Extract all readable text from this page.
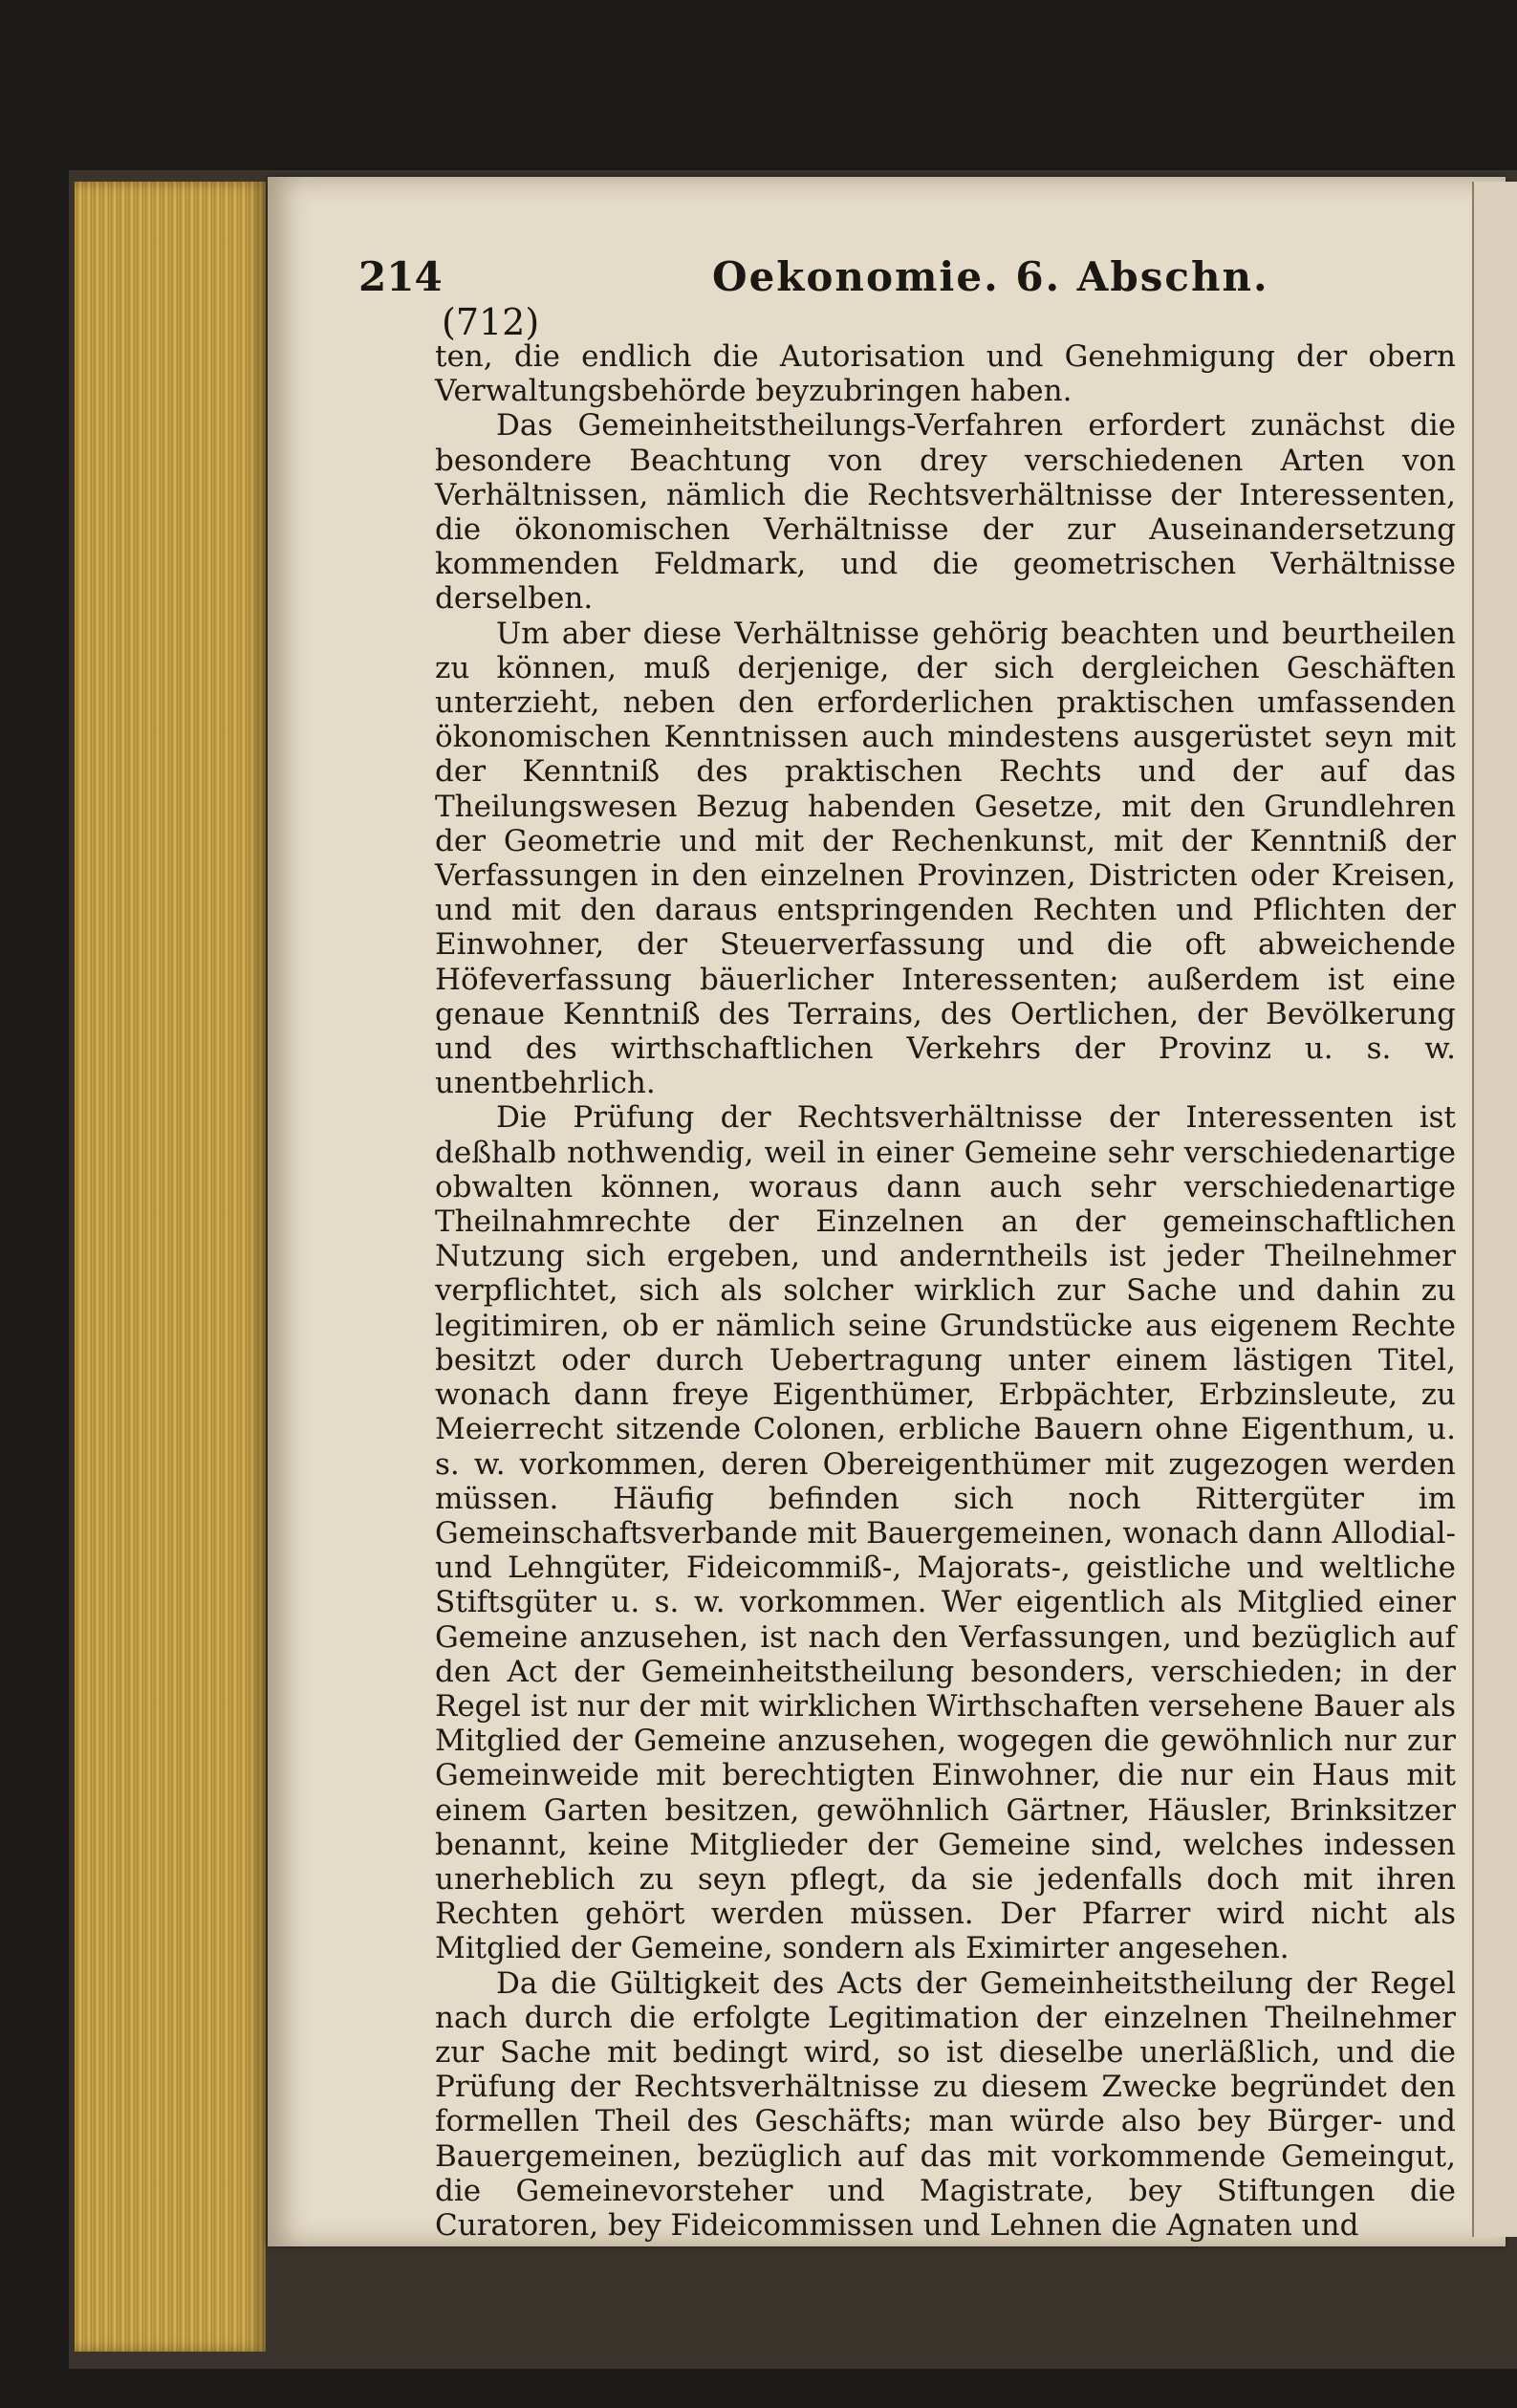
214	Oekonomie. 6. Abschn.
(712)

ten, die endlich die Autorisation und Genehmigung der obern Verwaltungsbehörde beyzubringen haben.

Das Gemeinheitstheilungs-Verfahren erfordert zunächst die besondere Beachtung von drey verschiedenen Arten von Verhältnissen, nämlich die Rechtsverhältnisse der Interessenten, die ökonomischen Verhältnisse der zur Auseinandersetzung kommenden Feldmark, und die geometrischen Verhältnisse derselben.

Um aber diese Verhältnisse gehörig beachten und beurtheilen zu können, muß derjenige, der sich dergleichen Geschäften unterzieht, neben den erforderlichen praktischen umfassenden ökonomischen Kenntnissen auch mindestens ausgerüstet seyn mit der Kenntniß des praktischen Rechts und der auf das Theilungswesen Bezug habenden Gesetze, mit den Grundlehren der Geometrie und mit der Rechenkunst, mit der Kenntniß der Verfassungen in den einzelnen Provinzen, Districten oder Kreisen, und mit den daraus entspringenden Rechten und Pflichten der Einwohner, der Steuerverfassung und die oft abweichende Höfeverfassung bäuerlicher Interessenten; außerdem ist eine genaue Kenntniß des Terrains, des Oertlichen, der Bevölkerung und des wirthschaftlichen Verkehrs der Provinz u. s. w. unentbehrlich.

Die Prüfung der Rechtsverhältnisse der Interessenten ist deßhalb nothwendig, weil in einer Gemeine sehr verschiedenartige obwalten können, woraus dann auch sehr verschiedenartige Theilnahmrechte der Einzelnen an der gemeinschaftlichen Nutzung sich ergeben, und anderntheils ist jeder Theilnehmer verpflichtet, sich als solcher wirklich zur Sache und dahin zu legitimiren, ob er nämlich seine Grundstücke aus eigenem Rechte besitzt oder durch Uebertragung unter einem lästigen Titel, wonach dann freye Eigenthümer, Erbpächter, Erbzinsleute, zu Meierrecht sitzende Colonen, erbliche Bauern ohne Eigenthum, u. s. w. vorkommen, deren Obereigenthümer mit zugezogen werden müssen. Häufig befinden sich noch Rittergüter im Gemeinschaftsverbande mit Bauergemeinen, wonach dann Allodial- und Lehngüter, Fideicommiß-, Majorats-, geistliche und weltliche Stiftsgüter u. s. w. vorkommen. Wer eigentlich als Mitglied einer Gemeine anzusehen, ist nach den Verfassungen, und bezüglich auf den Act der Gemeinheitstheilung besonders, verschieden; in der Regel ist nur der mit wirklichen Wirthschaften versehene Bauer als Mitglied der Gemeine anzusehen, wogegen die gewöhnlich nur zur Gemeinweide mit berechtigten Einwohner, die nur ein Haus mit einem Garten besitzen, gewöhnlich Gärtner, Häusler, Brinksitzer benannt, keine Mitglieder der Gemeine sind, welches indessen unerheblich zu seyn pflegt, da sie jedenfalls doch mit ihren Rechten gehört werden müssen. Der Pfarrer wird nicht als Mitglied der Gemeine, sondern als Eximirter angesehen.

Da die Gültigkeit des Acts der Gemeinheitstheilung der Regel nach durch die erfolgte Legitimation der einzelnen Theilnehmer zur Sache mit bedingt wird, so ist dieselbe unerläßlich, und die Prüfung der Rechtsverhältnisse zu diesem Zwecke begründet den formellen Theil des Geschäfts; man würde also bey Bürger- und Bauergemeinen, bezüglich auf das mit vorkommende Gemeingut, die Gemeinevorsteher und Magistrate, bey Stiftungen die Curatoren, bey Fideicommissen und Lehnen die Agnaten und
